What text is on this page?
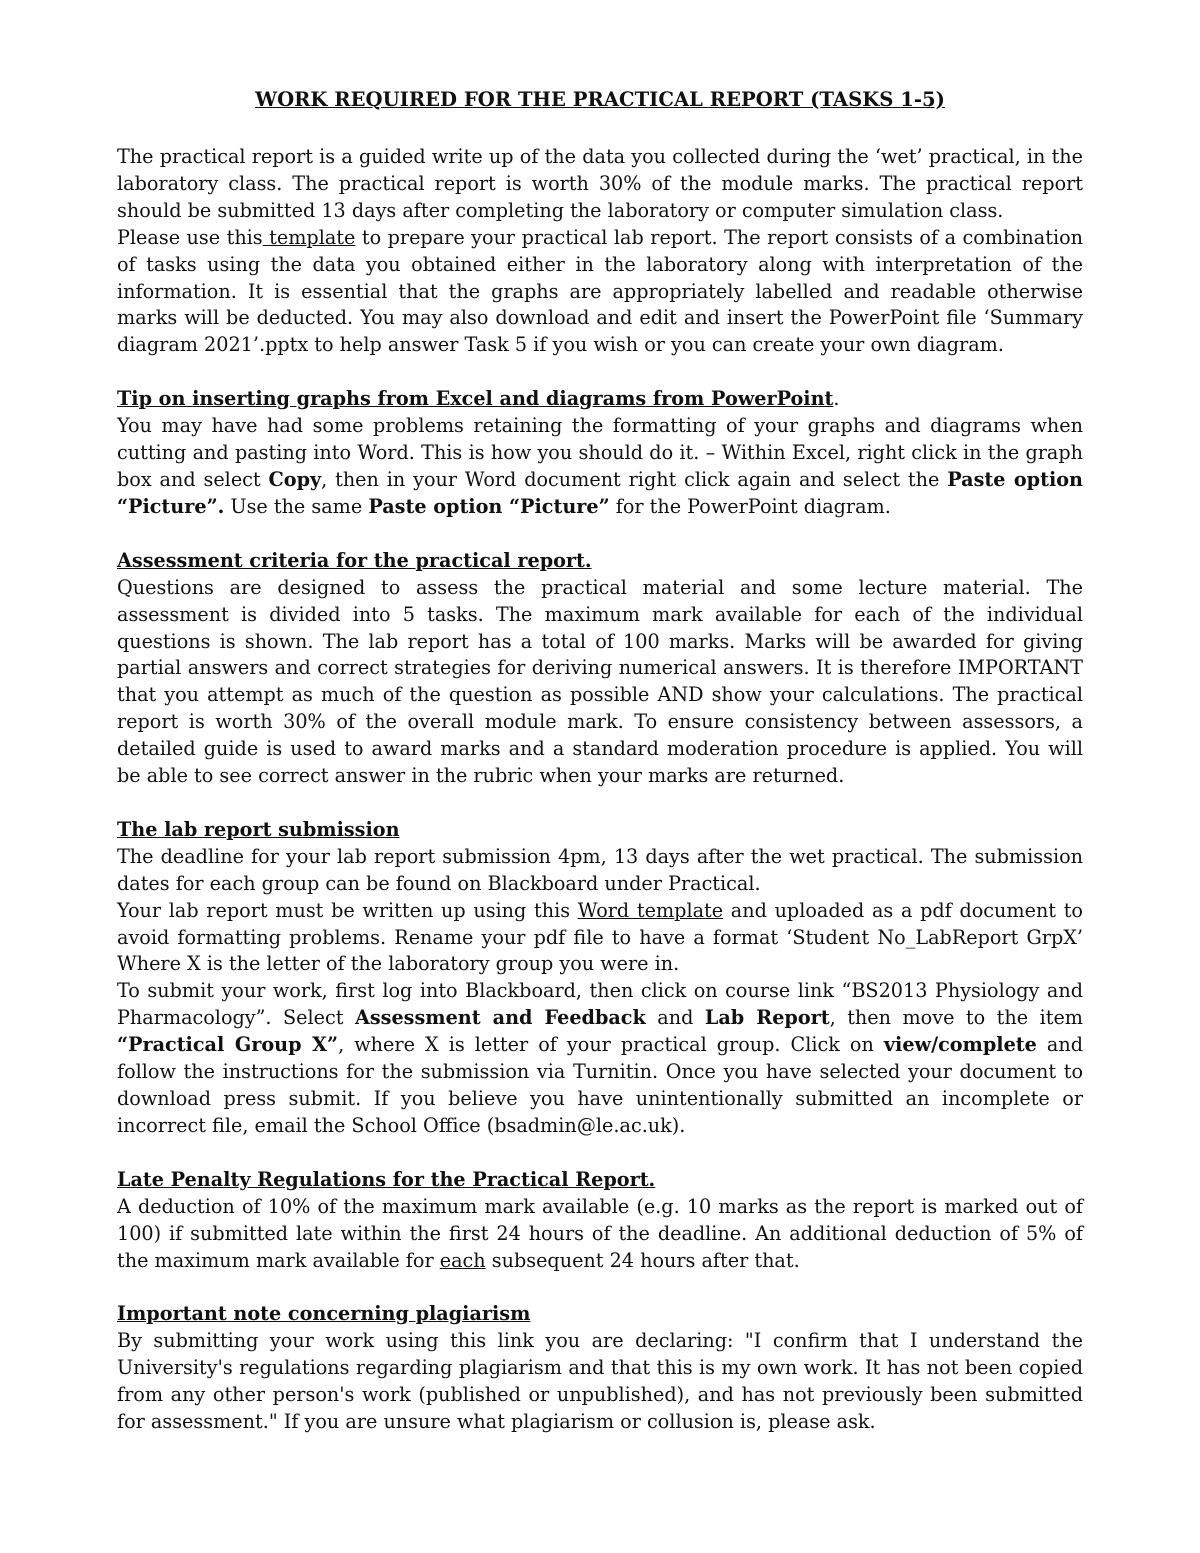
WORK REQUIRED FOR THE PRACTICAL REPORT (TASKS 1-5)

The practical report is a guided write up of the data you collected during the ‘wet’ practical, in the laboratory class. The practical report is worth 30% of the module marks. The practical report should be submitted 13 days after completing the laboratory or computer simulation class.

Please use this template to prepare your practical lab report. The report consists of a combination of tasks using the data you obtained either in the laboratory along with interpretation of the information. It is essential that the graphs are appropriately labelled and readable otherwise marks will be deducted. You may also download and edit and insert the PowerPoint file ‘Summary diagram 2021’.pptx to help answer Task 5 if you wish or you can create your own diagram.

Tip on inserting graphs from Excel and diagrams from PowerPoint.

You may have had some problems retaining the formatting of your graphs and diagrams when cutting and pasting into Word. This is how you should do it. – Within Excel, right click in the graph box and select Copy, then in your Word document right click again and select the Paste option “Picture”. Use the same Paste option “Picture” for the PowerPoint diagram.

Assessment criteria for the practical report.

Questions are designed to assess the practical material and some lecture material. The assessment is divided into 5 tasks. The maximum mark available for each of the individual questions is shown. The lab report has a total of 100 marks. Marks will be awarded for giving partial answers and correct strategies for deriving numerical answers. It is therefore IMPORTANT that you attempt as much of the question as possible AND show your calculations. The practical report is worth 30% of the overall module mark. To ensure consistency between assessors, a detailed guide is used to award marks and a standard moderation procedure is applied. You will be able to see correct answer in the rubric when your marks are returned.

The lab report submission

The deadline for your lab report submission 4pm, 13 days after the wet practical. The submission dates for each group can be found on Blackboard under Practical.

Your lab report must be written up using this Word template and uploaded as a pdf document to avoid formatting problems. Rename your pdf file to have a format ‘Student No_LabReport GrpX’ Where X is the letter of the laboratory group you were in.

To submit your work, first log into Blackboard, then click on course link “BS2013 Physiology and Pharmacology”. Select Assessment and Feedback and Lab Report, then move to the item “Practical Group X”, where X is letter of your practical group. Click on view/complete and follow the instructions for the submission via Turnitin. Once you have selected your document to download press submit. If you believe you have unintentionally submitted an incomplete or incorrect file, email the School Office (bsadmin@le.ac.uk).

Late Penalty Regulations for the Practical Report.

A deduction of 10% of the maximum mark available (e.g. 10 marks as the report is marked out of 100) if submitted late within the first 24 hours of the deadline. An additional deduction of 5% of the maximum mark available for each subsequent 24 hours after that.

Important note concerning plagiarism

By submitting your work using this link you are declaring: "I confirm that I understand the University's regulations regarding plagiarism and that this is my own work. It has not been copied from any other person's work (published or unpublished), and has not previously been submitted for assessment." If you are unsure what plagiarism or collusion is, please ask.
